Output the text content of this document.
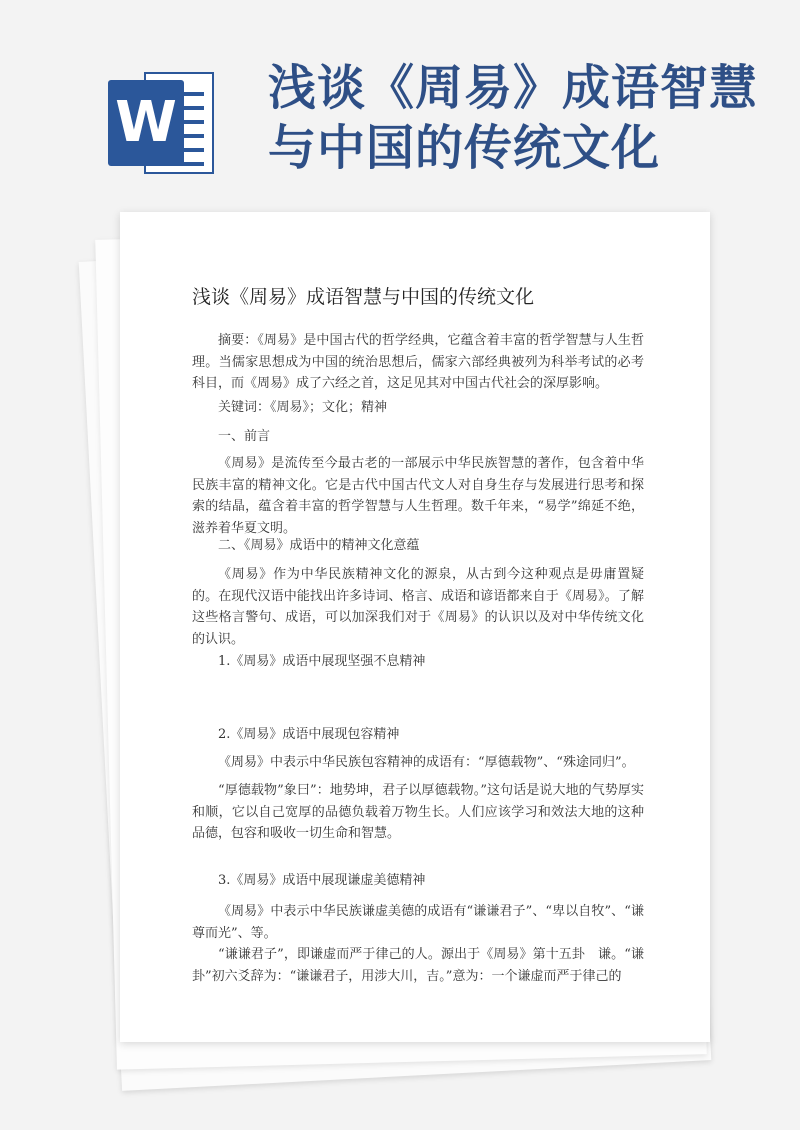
W
浅谈《周易》成语智慧
与中国的传统文化
浅谈《周易》成语智慧与中国的传统文化

摘要：《周易》是中国古代的哲学经典，它蕴含着丰富的哲学智慧与人生哲理。当儒家思想成为中国的统治思想后，儒家六部经典被列为科举考试的必考科目，而《周易》成了六经之首，这足见其对中国古代社会的深厚影响。

关键词：《周易》；文化；精神

一、前言

《周易》是流传至今最古老的一部展示中华民族智慧的著作，包含着中华民族丰富的精神文化。它是古代中国古代文人对自身生存与发展进行思考和探索的结晶，蕴含着丰富的哲学智慧与人生哲理。数千年来，“易学”绵延不绝，滋养着华夏文明。

二、《周易》成语中的精神文化意蕴

《周易》作为中华民族精神文化的源泉，从古到今这种观点是毋庸置疑的。在现代汉语中能找出许多诗词、格言、成语和谚语都来自于《周易》。了解这些格言警句、成语，可以加深我们对于《周易》的认识以及对中华传统文化的认识。

1.《周易》成语中展现坚强不息精神

2.《周易》成语中展现包容精神

《周易》中表示中华民族包容精神的成语有：“厚德载物”、“殊途同归”。

“厚德载物”象曰”：地势坤，君子以厚德载物。”这句话是说大地的气势厚实和顺，它以自己宽厚的品德负载着万物生长。人们应该学习和效法大地的这种品德，包容和吸收一切生命和智慧。

3.《周易》成语中展现谦虚美德精神

《周易》中表示中华民族谦虚美德的成语有“谦谦君子”、“卑以自牧”、“谦尊而光”、等。

“谦谦君子”，即谦虚而严于律己的人。源出于《周易》第十五卦　谦。“谦卦”初六爻辞为：“谦谦君子，用涉大川，吉。”意为：一个谦虚而严于律己的
